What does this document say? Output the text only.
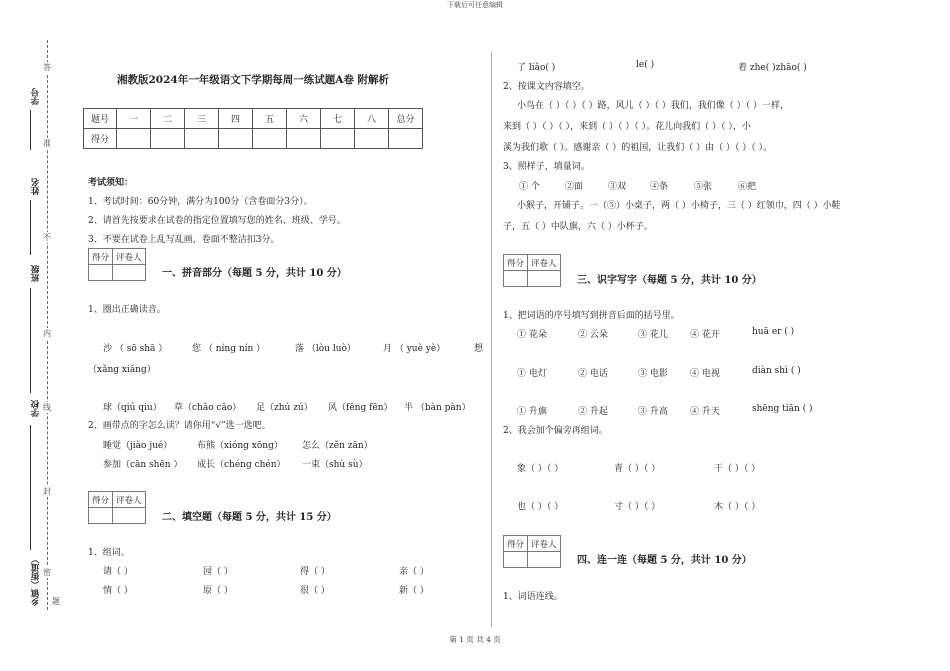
下载后可任意编辑
第 1 页 共 4 页
学号
姓名
班级
学校
乡镇（街道）
答
准
不
内
线
封
密
题
湘教版2024年一年级语文下学期每周一练试题A卷 附解析
题号	一	二	三	四	五	六	七	八	总分
得分									
考试须知：
1、考试时间：60分钟，满分为100分（含卷面分3分）。
2、请首先按要求在试卷的指定位置填写您的姓名、班级、学号。
3、不要在试卷上乱写乱画，卷面不整洁扣3分。
得分	评卷人

一、拼音部分（每题 5 分，共计 10 分）
1、圈出正确读音。
沙 （ sō shā ）	您 （ níng nín ）	落 （lòu luò）	月 （ yuè yè）	想
（xǎng xiǎng）
球（qiú qiu） 草（chǎo cǎo） 足（zhú zú） 风（fēng fēn） 半 （bàn pàn）
2、画带点的字怎么读？请你用“√”选一选吧。
睡觉（jiào jué）	布熊（xióng xōng） 怎么（zěn zān）
参加（cān shēn ） 成长（chéng chén） 一束（shù sù）
得分	评卷人

二、填空题（每题 5 分，共计 15 分）
1、组词。
请（ ）	园（ ）	得（ ）	亲（ ）
情（ ）	原（ ）	很（ ）	新（ ）
了 liǎo( )	le( )	着 zhe( )zhāo( )
2、按课文内容填空。
小鸟在（ ）（ ）（ ）路，风儿（ ）（ ）我们，我们像（ ）（ ）一样，
来到（ ）（ ）（ ），来到（ ）（ ）（ ）。花儿向我们（ ）（ ），小
溪为我们歌（ ）。感谢亲（ ）的祖国，让我们（ ）由（ ）（ ）（ ）。
3、照样子，填量词。
① 个	②面	③双	④条	⑤张	⑥把
小猴子，开铺子。一（⑤）小桌子，两（ ）小椅子，三（ ）红领巾，四（ ）小鞋
子，五（ ）中队旗，六（ ）小杯子。
得分	评卷人

三、识字写字（每题 5 分，共计 10 分）
1、把词语的序号填写到拼音后面的括号里。
① 花朵	② 云朵	③ 花儿 ④ 花开	huā er ( )
① 电灯	② 电话	③ 电影 ④ 电视	diàn shì ( )
① 升旗	② 升起	③ 升高 ④ 升天	shēng tiān ( )
2、我会加个偏旁再组词。
象（ ）（ ）	青（ ）（ ）	干（ ）（ ）
也（ ）（ ）	寸（ ）（ ）	木（ ）（ ）
得分	评卷人

四、连一连（每题 5 分，共计 10 分）
1、词语连线。
